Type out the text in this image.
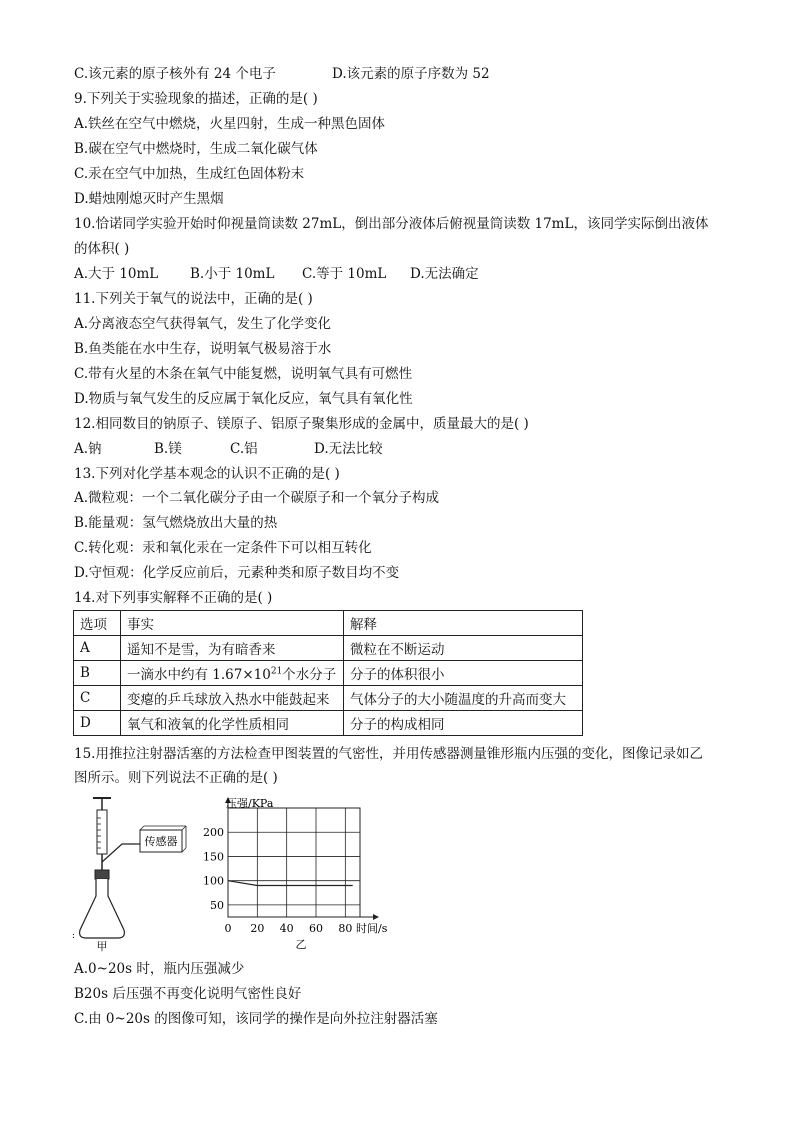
C.该元素的原子核外有 24 个电子	D.该元素的原子序数为 52
9.下列关于实验现象的描述，正确的是( )
A.铁丝在空气中燃烧，火星四射，生成一种黑色固体
B.碳在空气中燃烧时，生成二氧化碳气体
C.汞在空气中加热，生成红色固体粉末
D.蜡烛刚熄灭时产生黑烟
10.恰诺同学实验开始时仰视量筒读数 27mL，倒出部分液体后俯视量筒读数 17mL，该同学实际倒出液体
的体积( )
A.大于 10mL B.小于 10mL C.等于 10mL D.无法确定
11.下列关于氧气的说法中，正确的是( )
A.分离液态空气获得氧气，发生了化学变化
B.鱼类能在水中生存，说明氧气极易溶于水
C.带有火星的木条在氧气中能复燃，说明氧气具有可燃性
D.物质与氧气发生的反应属于氧化反应，氧气具有氧化性
12.相同数目的钠原子、镁原子、铝原子聚集形成的金属中，质量最大的是( )
A.钠	B.镁	C.铝	D.无法比较
13.下列对化学基本观念的认识不正确的是( )
A.微粒观：一个二氧化碳分子由一个碳原子和一个氧分子构成
B.能量观：氢气燃烧放出大量的热
C.转化观：汞和氧化汞在一定条件下可以相互转化
D.守恒观：化学反应前后，元素种类和原子数目均不变
14.对下列事实解释不正确的是( )
选项	事实	解释
A	遥知不是雪，为有暗香来	微粒在不断运动
B	一滴水中约有 $1.67\times 10^{21}$个水分子	分子的体积很小
C	变瘪的乒乓球放入热水中能鼓起来	气体分子的大小随温度的升高而变大
D	氧气和液氧的化学性质相同	分子的构成相同
15.用推拉注射器活塞的方法检查甲图装置的气密性，并用传感器测量锥形瓶内压强的变化，图像记录如乙
图所示。则下列说法不正确的是( )
传感器
:
甲
0 20 40 60 80
50
100
150
200
压强/KPa
时间/s
乙
A.0~20s 时，瓶内压强减少
B20s 后压强不再变化说明气密性良好
C.由 0~20s 的图像可知，该同学的操作是向外拉注射器活塞
